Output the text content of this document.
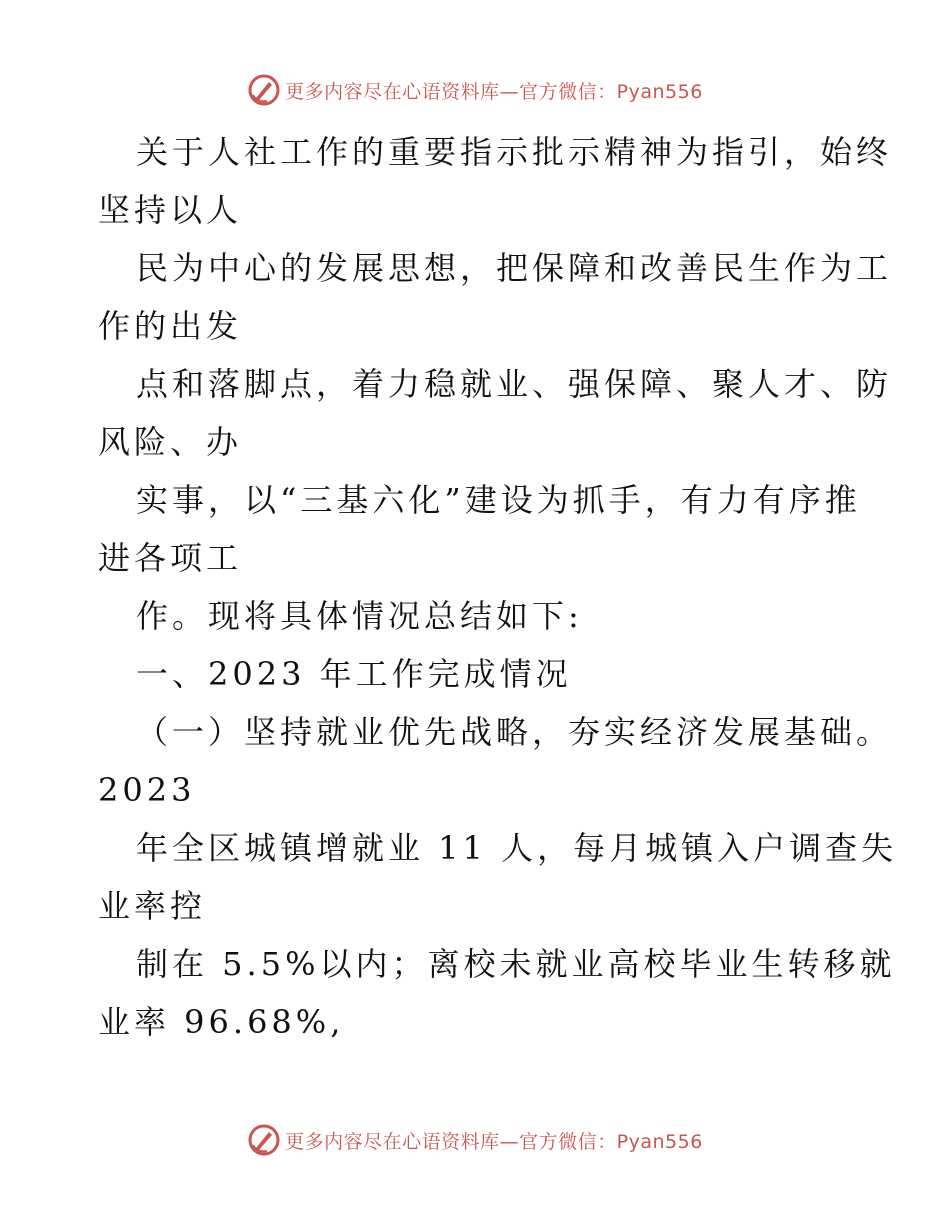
更多内容尽在心语资料库—官方微信：Pyan556
关于人社工作的重要指示批示精神为指引，始终
坚持以人
民为中心的发展思想，把保障和改善民生作为工
作的出发
点和落脚点，着力稳就业、强保障、聚人才、防
风险、办
实事，以“三基六化”建设为抓手，有力有序推
进各项工
作。现将具体情况总结如下:
一、2023 年工作完成情况
（一）坚持就业优先战略，夯实经济发展基础。
2023
年全区城镇增就业 11 人，每月城镇入户调查失
业率控
制在 5.5%以内；离校未就业高校毕业生转移就
业率 96.68%,
更多内容尽在心语资料库—官方微信：Pyan556
